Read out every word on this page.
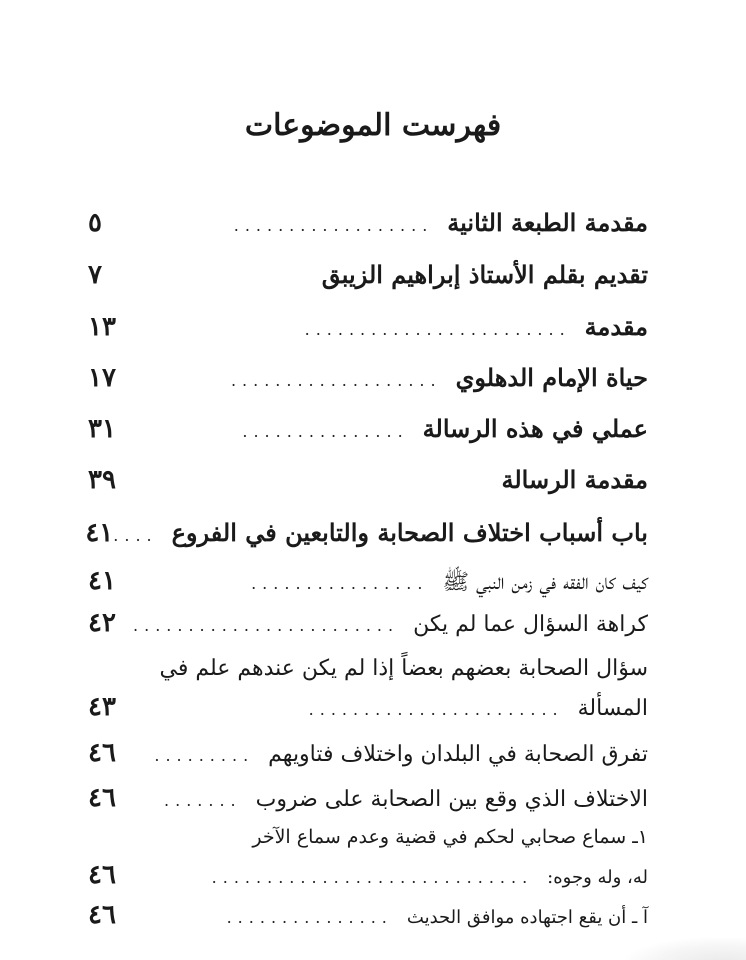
فهرست الموضوعات
مقدمة الطبعة الثانية
..................
٥
تقديم بقلم الأستاذ إبراهيم الزيبق
٧
مقدمة
........................
١٣
حياة الإمام الدهلوي
...................
١٧
عملي في هذه الرسالة
...............
٣١
مقدمة الرسالة
٣٩
باب أسباب اختلاف الصحابة والتابعين في الفروع
....
٤١
كيف كان الفقه في زمن النبي ﷺ
................
٤١
كراهة السؤال عما لم يكن
........................
٤٢
سؤال الصحابة بعضهم بعضاً إذا لم يكن عندهم علم في
المسألة
.......................
٤٣
تفرق الصحابة في البلدان واختلاف فتاويهم
.........
٤٦
الاختلاف الذي وقع بين الصحابة على ضروب
.......
٤٦
١ـ سماع صحابي لحكم في قضية وعدم سماع الآخر
له، وله وجوه:
.............................
٤٦
آ ـ أن يقع اجتهاده موافق الحديث
...............
٤٦
